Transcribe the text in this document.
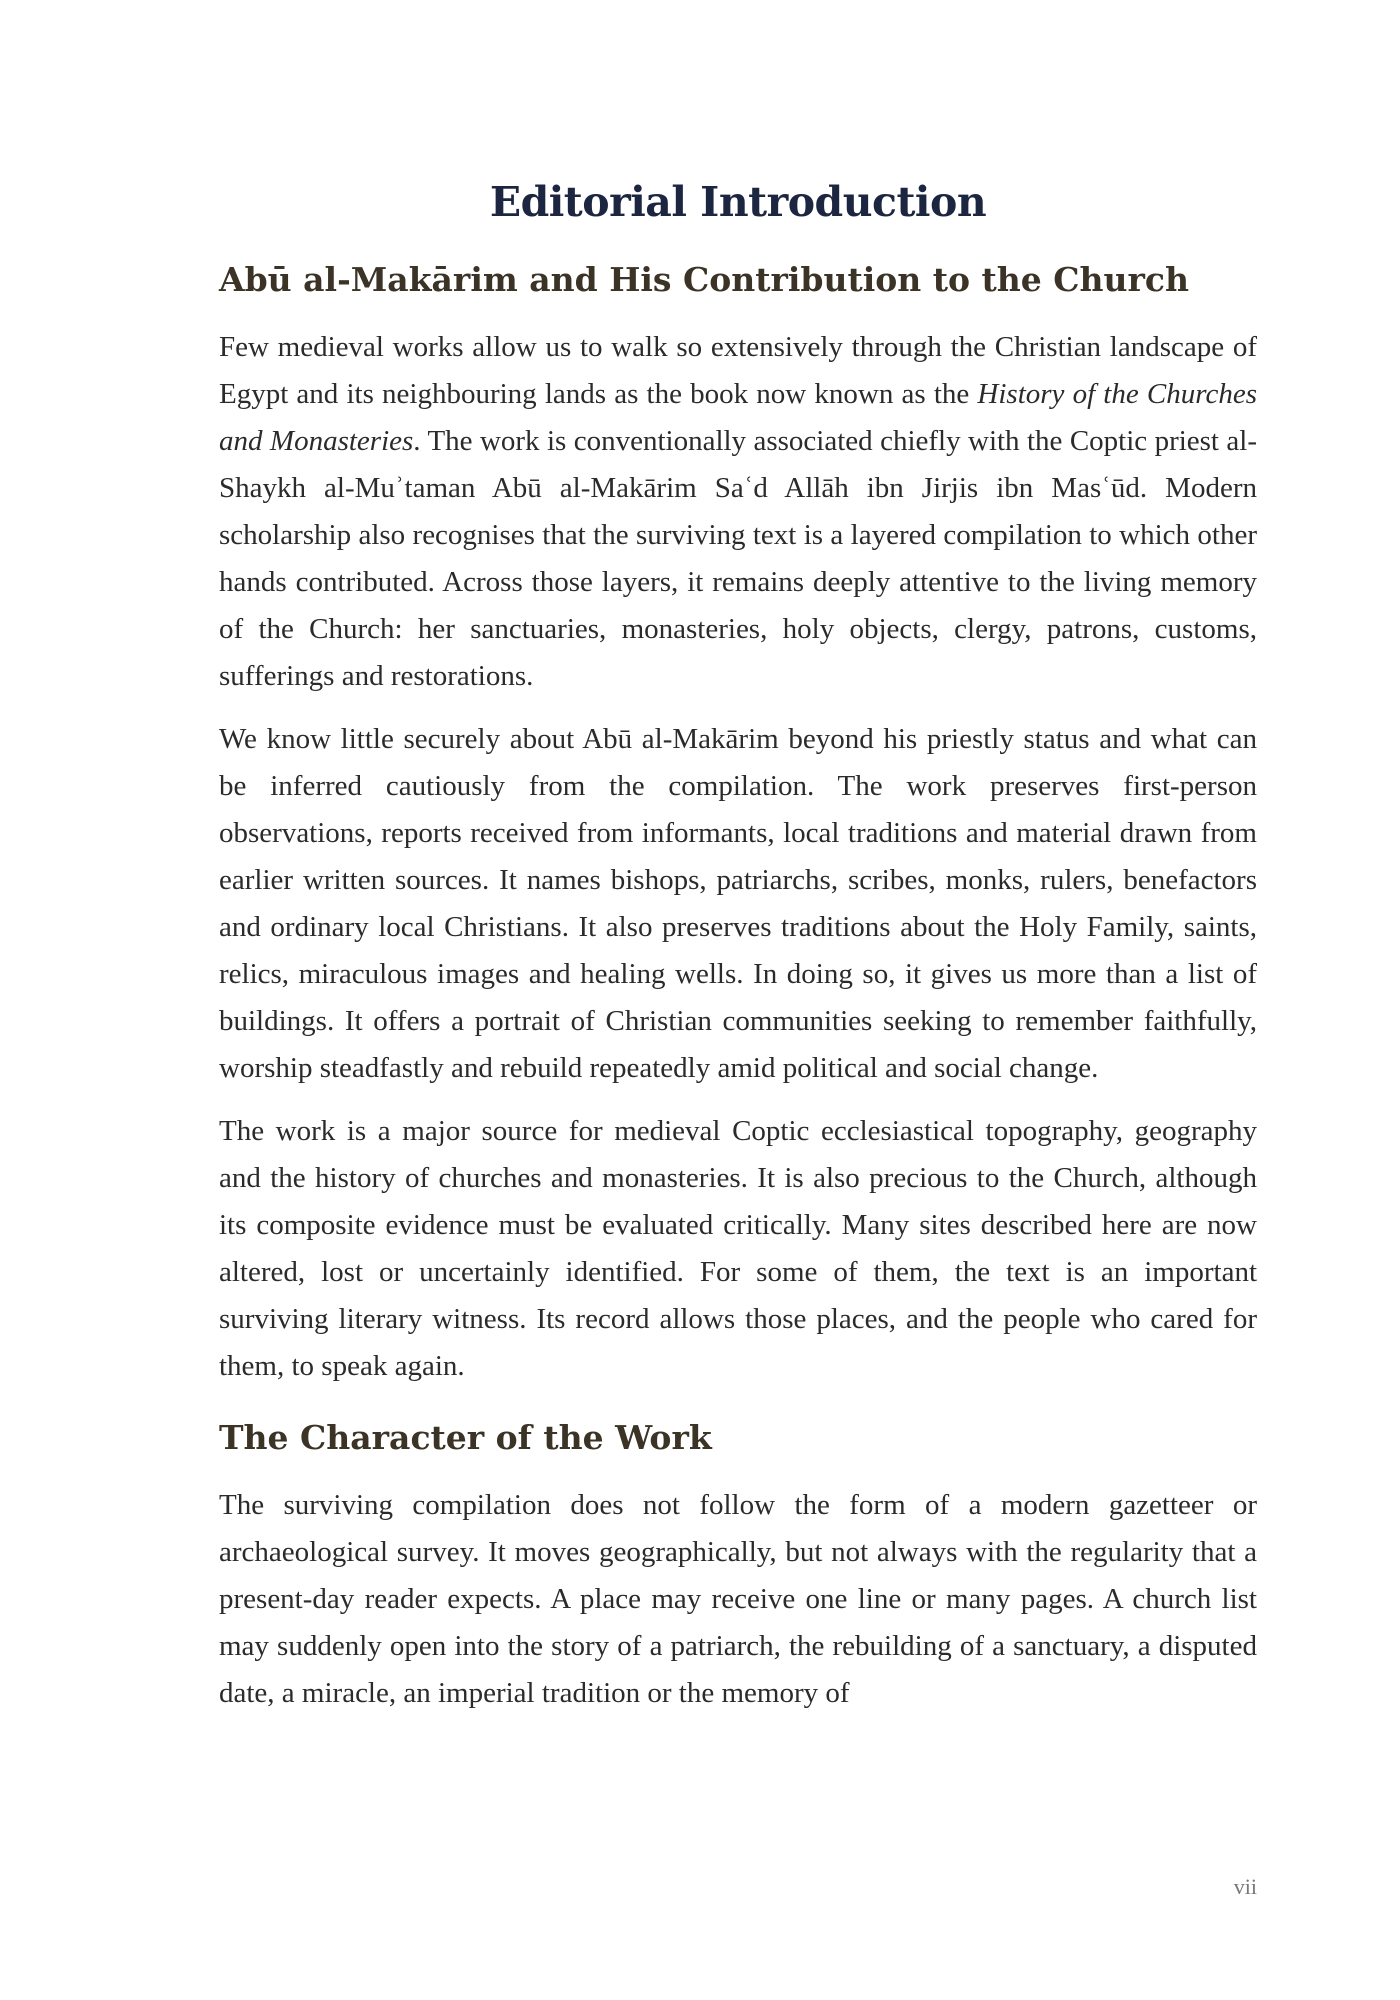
Editorial Introduction
Abū al-Makārim and His Contribution to the Church

Few medieval works allow us to walk so extensively through the Christian landscape of Egypt and its neighbouring lands as the book now known as the History of the Churches and Monasteries. The work is conventionally associated chiefly with the Coptic priest al-Shaykh al-Muʾtaman Abū al-Makārim Saʿd Allāh ibn Jirjis ibn Masʿūd. Modern scholarship also recognises that the surviving text is a layered compilation to which other hands contributed. Across those layers, it remains deeply attentive to the living memory of the Church: her sanctuaries, monasteries, holy objects, clergy, patrons, customs, sufferings and restorations.

We know little securely about Abū al-Makārim beyond his priestly status and what can be inferred cautiously from the compilation. The work preserves first-person observations, reports received from informants, local traditions and material drawn from earlier written sources. It names bishops, patriarchs, scribes, monks, rulers, benefactors and ordinary local Christians. It also preserves traditions about the Holy Family, saints, relics, miraculous images and healing wells. In doing so, it gives us more than a list of buildings. It offers a portrait of Christian communities seeking to remember faithfully, worship steadfastly and rebuild repeatedly amid political and social change.

The work is a major source for medieval Coptic ecclesiastical topography, geography and the history of churches and monasteries. It is also precious to the Church, although its composite evidence must be evaluated critically. Many sites described here are now altered, lost or uncertainly identified. For some of them, the text is an important surviving literary witness. Its record allows those places, and the people who cared for them, to speak again.

The Character of the Work

The surviving compilation does not follow the form of a modern gazetteer or archaeological survey. It moves geographically, but not always with the regularity that a present-day reader expects. A place may receive one line or many pages. A church list may suddenly open into the story of a patriarch, the rebuilding of a sanctuary, a disputed date, a miracle, an imperial tradition or the memory of

vii
